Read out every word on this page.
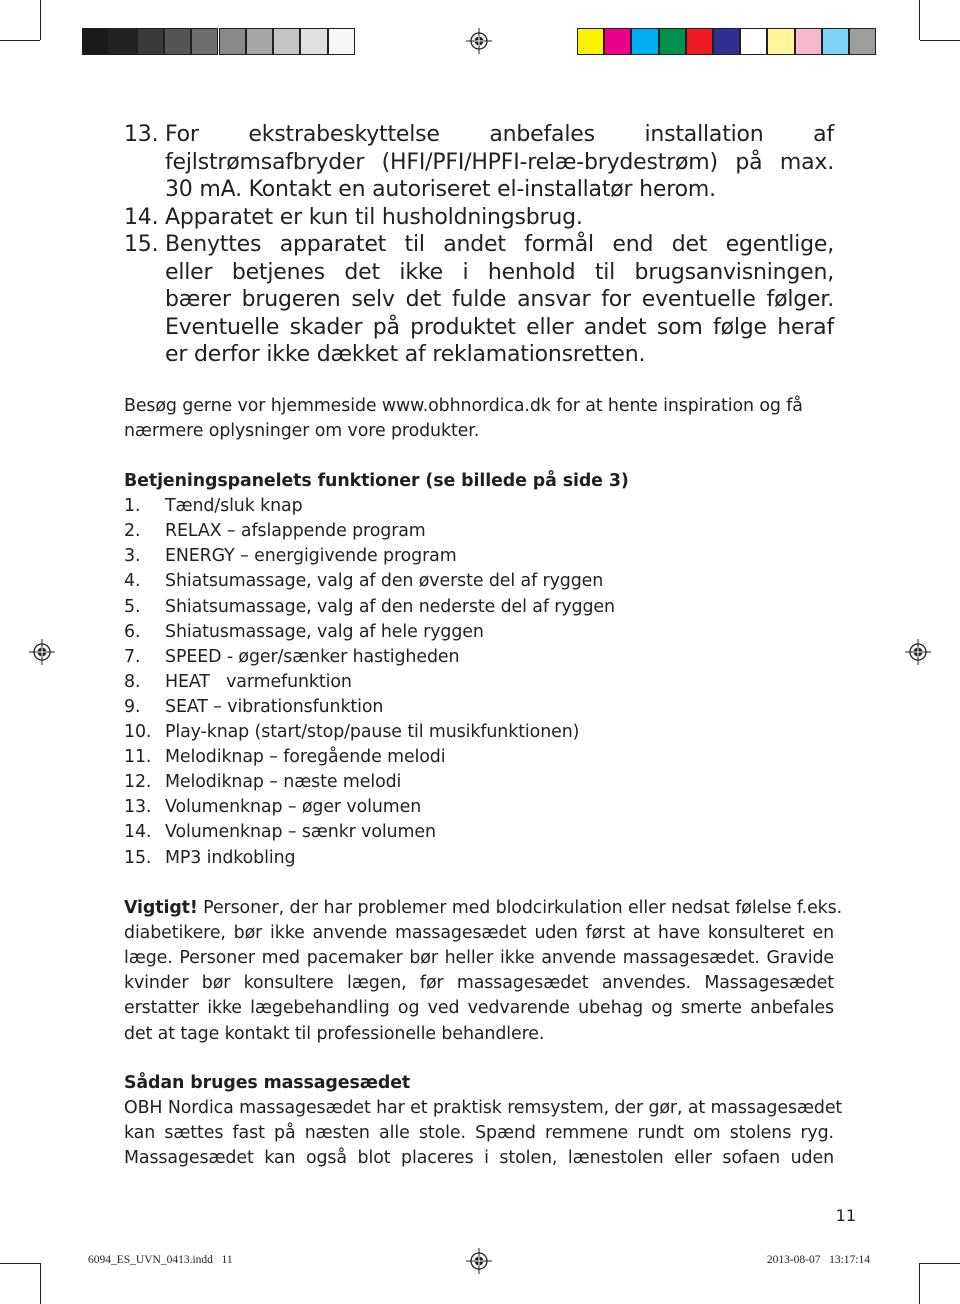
13. For ekstrabeskyttelse anbefales installation af
fejlstrømsafbryder (HFI/PFI/HPFI-relæ-brydestrøm) på max.
30 mA. Kontakt en autoriseret el-installatør herom.
14. Apparatet er kun til husholdningsbrug.
15. Benyttes apparatet til andet formål end det egentlige,
eller betjenes det ikke i henhold til brugsanvisningen,
bærer brugeren selv det fulde ansvar for eventuelle følger.
Eventuelle skader på produktet eller andet som følge heraf
er derfor ikke dækket af reklamationsretten.
Besøg gerne vor hjemmeside www.obhnordica.dk for at hente inspiration og få
nærmere oplysninger om vore produkter.
Betjeningspanelets funktioner (se billede på side 3)
1. Tænd/sluk knap
2. RELAX – afslappende program
3. ENERGY – energigivende program
4. Shiatsumassage, valg af den øverste del af ryggen
5. Shiatsumassage, valg af den nederste del af ryggen
6. Shiatusmassage, valg af hele ryggen
7. SPEED - øger/sænker hastigheden
8. HEAT   varmefunktion
9. SEAT – vibrationsfunktion
10. Play-knap (start/stop/pause til musikfunktionen)
11. Melodiknap – foregående melodi
12. Melodiknap – næste melodi
13. Volumenknap – øger volumen
14. Volumenknap – sænkr volumen
15. MP3 indkobling
Vigtigt! Personer, der har problemer med blodcirkulation eller nedsat følelse f.eks.
diabetikere, bør ikke anvende massagesædet uden først at have konsulteret en
læge. Personer med pacemaker bør heller ikke anvende massagesædet. Gravide
kvinder bør konsultere lægen, før massagesædet anvendes. Massagesædet
erstatter ikke lægebehandling og ved vedvarende ubehag og smerte anbefales
det at tage kontakt til professionelle behandlere.
Sådan bruges massagesædet
OBH Nordica massagesædet har et praktisk remsystem, der gør, at massagesædet
kan sættes fast på næsten alle stole. Spænd remmene rundt om stolens ryg.
Massagesædet kan også blot placeres i stolen, lænestolen eller sofaen uden
11
6094_ES_UVN_0413.indd   11	2013-08-07   13:17:14
